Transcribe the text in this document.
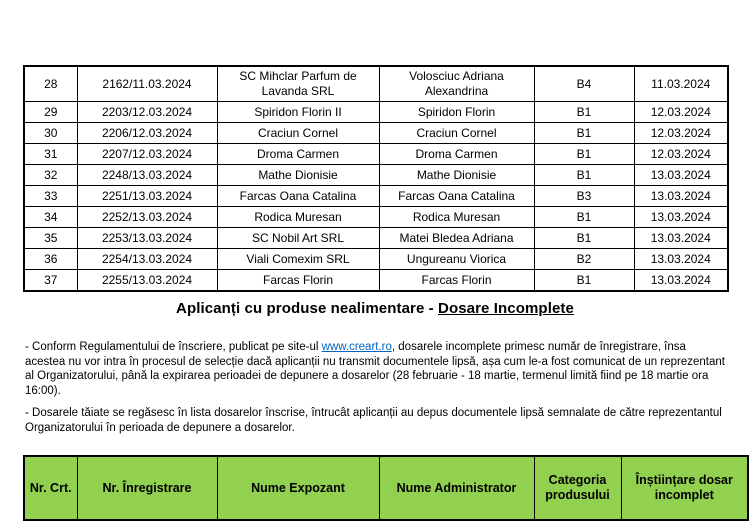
28	2162/11.03.2024	SC Mihclar Parfum de Lavanda SRL	Volosciuc Adriana Alexandrina	B4	11.03.2024
29	2203/12.03.2024	Spiridon Florin II	Spiridon Florin	B1	12.03.2024
30	2206/12.03.2024	Craciun Cornel	Craciun Cornel	B1	12.03.2024
31	2207/12.03.2024	Droma Carmen	Droma Carmen	B1	12.03.2024
32	2248/13.03.2024	Mathe Dionisie	Mathe Dionisie	B1	13.03.2024
33	2251/13.03.2024	Farcas Oana Catalina	Farcas Oana Catalina	B3	13.03.2024
34	2252/13.03.2024	Rodica Muresan	Rodica Muresan	B1	13.03.2024
35	2253/13.03.2024	SC Nobil Art SRL	Matei Bledea Adriana	B1	13.03.2024
36	2254/13.03.2024	Viali Comexim SRL	Ungureanu Viorica	B2	13.03.2024
37	2255/13.03.2024	Farcas Florin	Farcas Florin	B1	13.03.2024
Aplicanți cu produse nealimentare - Dosare Incomplete
- Conform Regulamentului de înscriere, publicat pe site-ul www.creart.ro, dosarele incomplete primesc număr de înregistrare, însa acestea nu vor intra în procesul de selecție dacă aplicanții nu transmit documentele lipsă, așa cum le-a fost comunicat de un reprezentant al Organizatorului, până la expirarea perioadei de depunere a dosarelor (28 februarie - 18 martie, termenul limită fiind pe 18 martie ora 16:00).
- Dosarele tăiate se regăsesc în lista dosarelor înscrise, întrucât aplicanții au depus documentele lipsă semnalate de către reprezentantul Organizatorului în perioada de depunere a dosarelor.
Nr. Crt.	Nr. Înregistrare	Nume Expozant	Nume Administrator	Categoria produsului	Înștiințare dosar incomplet
